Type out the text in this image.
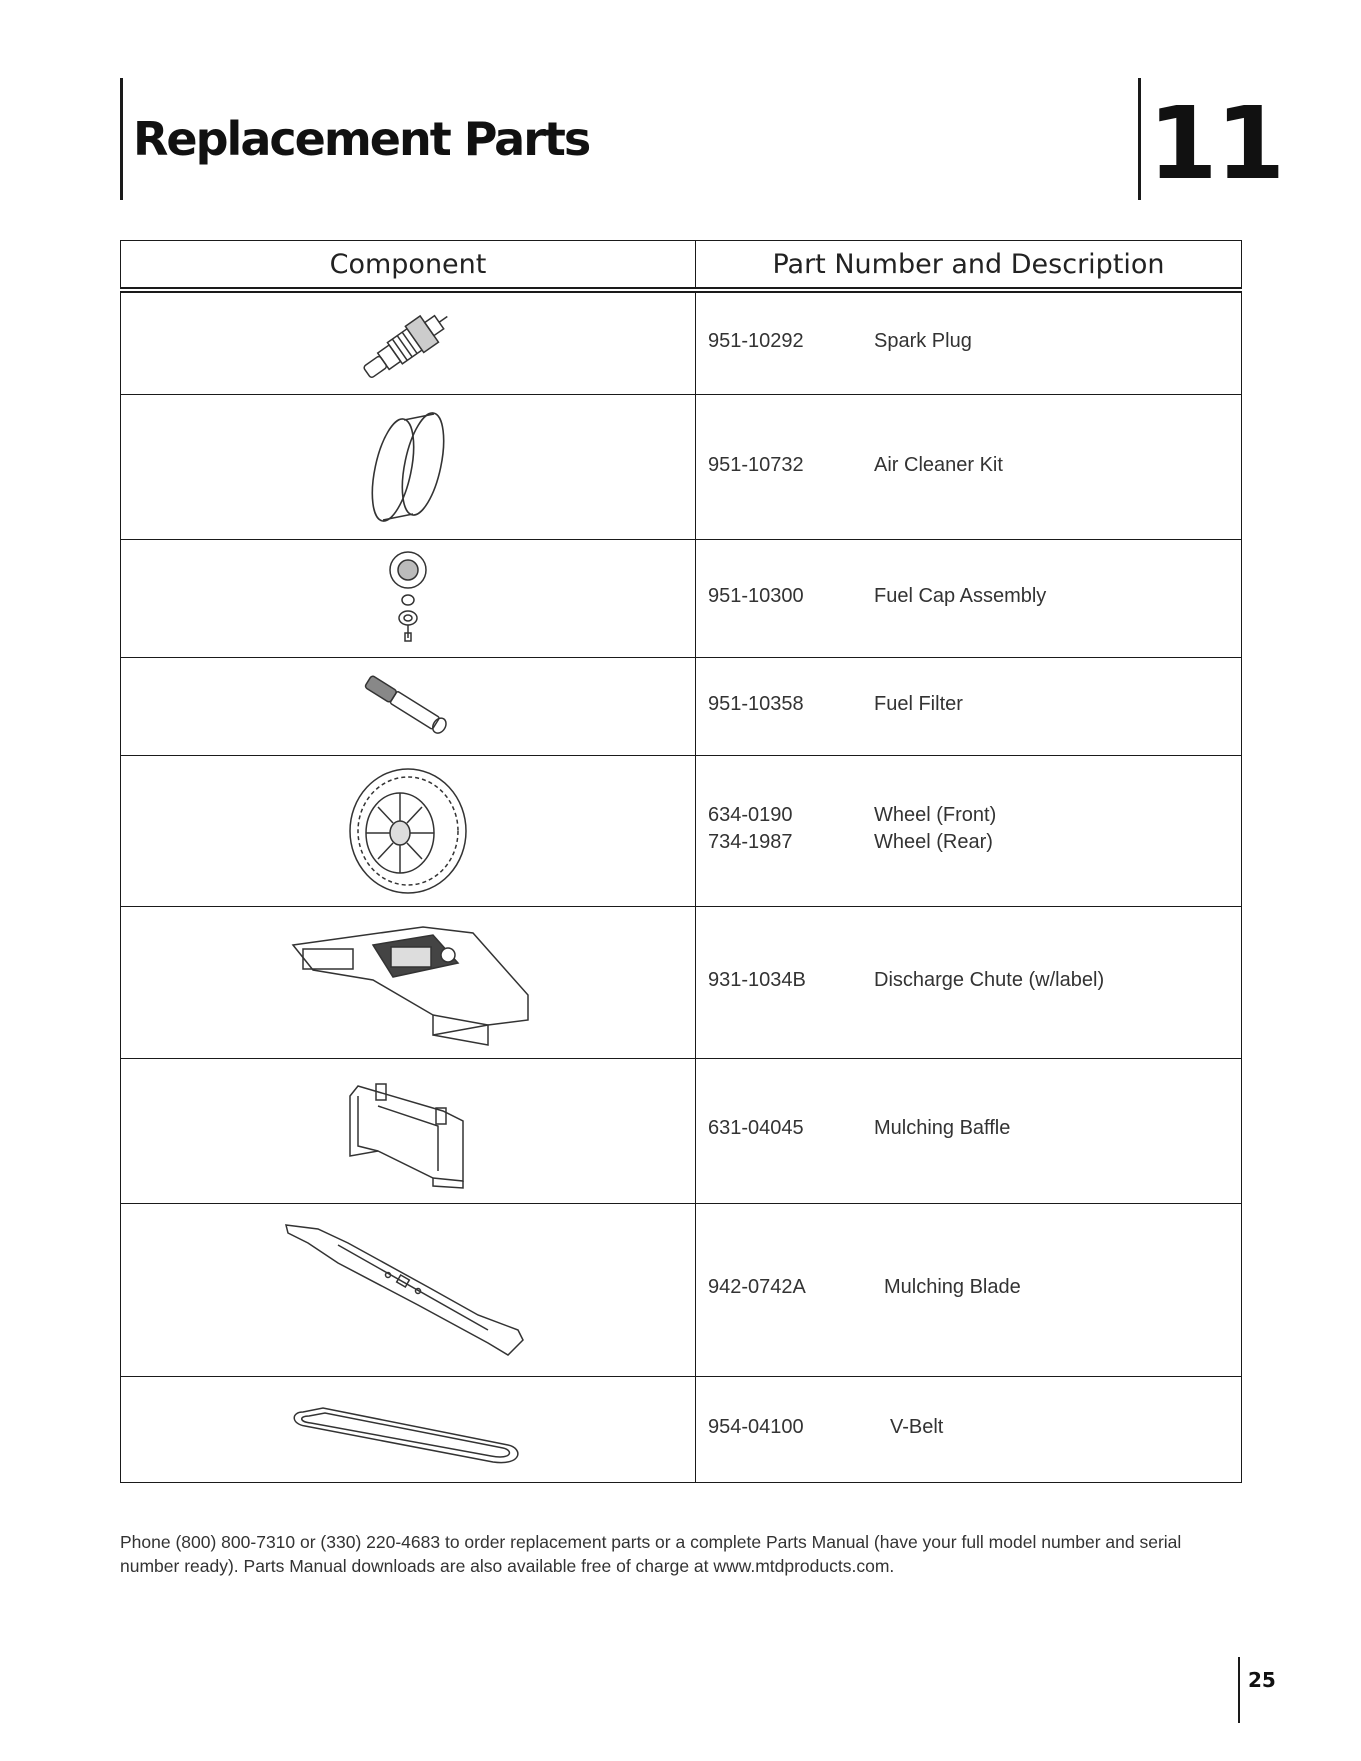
Replacement Parts	11
Component	Part Number and Description

951-10292 Spark Plug

951-10732 Air Cleaner Kit

951-10300 Fuel Cap Assembly

951-10358 Fuel Filter

634-0190 Wheel (Front)
734-1987 Wheel (Rear)

931-1034B Discharge Chute (w/label)

631-04045 Mulching Baffle

942-0742A Mulching Blade

954-04100 V-Belt
Phone (800) 800-7310 or (330) 220-4683 to order replacement parts or a complete Parts Manual (have your full model number and serial number ready). Parts Manual downloads are also available free of charge at www.mtdproducts.com.
25
